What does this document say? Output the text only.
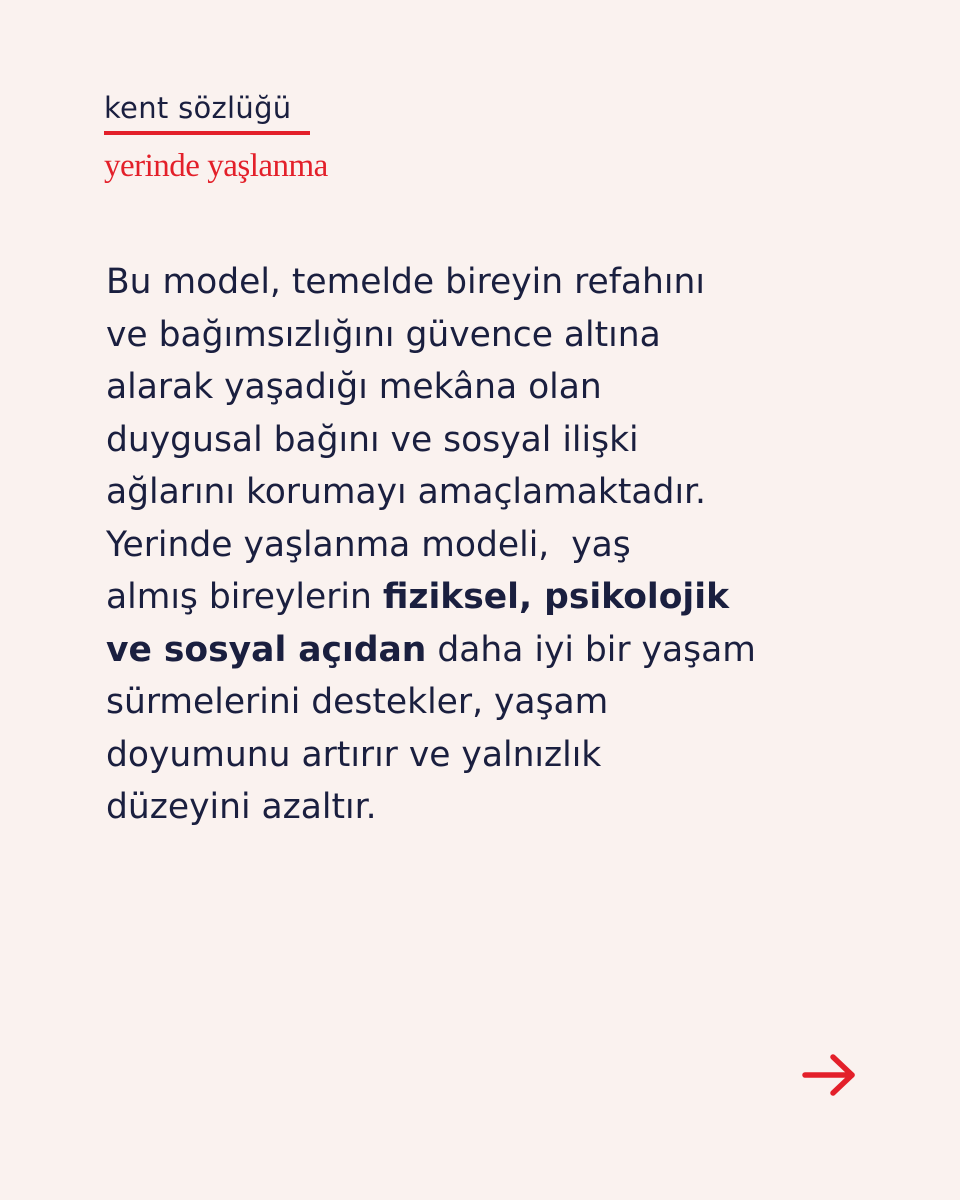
kent sözlüğü
yerinde yaşlanma
Bu model, temelde bireyin refahını
ve bağımsızlığını güvence altına
alarak yaşadığı mekâna olan
duygusal bağını ve sosyal ilişki
ağlarını korumayı amaçlamaktadır.
Yerinde yaşlanma modeli,  yaş
almış bireylerin fiziksel, psikolojik
ve sosyal açıdan daha iyi bir yaşam
sürmelerini destekler, yaşam
doyumunu artırır ve yalnızlık
düzeyini azaltır.
